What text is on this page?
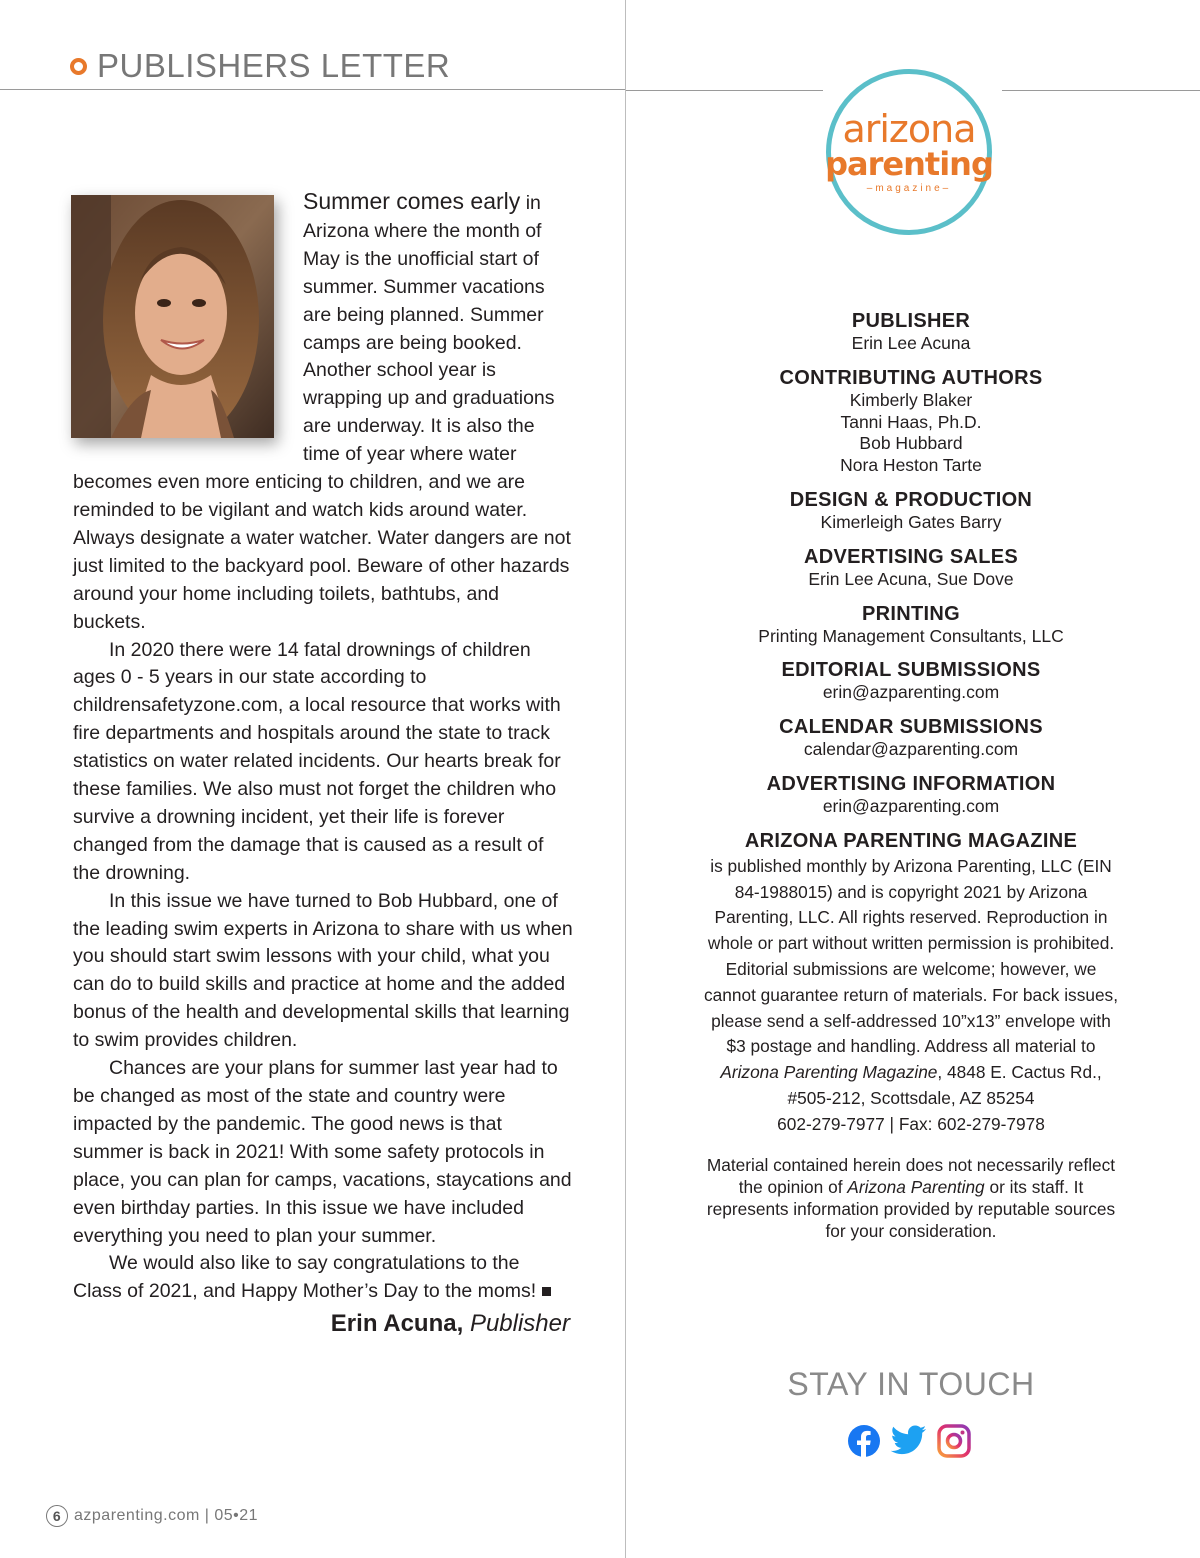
PUBLISHERS LETTER
arizona
parenting
–magazine–

Summer comes early in Arizona where the month of May is the unofficial start of summer. Summer vacations are being planned. Summer camps are being booked. Another school year is wrapping up and graduations are underway. It is also the time of year where water becomes even more enticing to children, and we are reminded to be vigilant and watch kids around water. Always designate a water watcher. Water dangers are not just limited to the backyard pool. Beware of other hazards around your home including toilets, bathtubs, and buckets.

In 2020 there were 14 fatal drownings of children ages 0 - 5 years in our state according to childrensafetyzone.com, a local resource that works with fire departments and hospitals around the state to track statistics on water related incidents. Our hearts break for these families. We also must not forget the children who survive a drowning incident, yet their life is forever changed from the damage that is caused as a result of the drowning.

In this issue we have turned to Bob Hubbard, one of the leading swim experts in Arizona to share with us when you should start swim lessons with your child, what you can do to build skills and practice at home and the added bonus of the health and developmental skills that learning to swim provides children.

Chances are your plans for summer last year had to be changed as most of the state and country were impacted by the pandemic. The good news is that summer is back in 2021! With some safety protocols in place, you can plan for camps, vacations, staycations and even birthday parties. In this issue we have included everything you need to plan your summer.

We would also like to say congratulations to the Class of 2021, and Happy Mother’s Day to the moms!

Erin Acuna, Publisher
PUBLISHER
Erin Lee Acuna
CONTRIBUTING AUTHORS
Kimberly Blaker
Tanni Haas, Ph.D.
Bob Hubbard
Nora Heston Tarte
DESIGN & PRODUCTION
Kimerleigh Gates Barry
ADVERTISING SALES
Erin Lee Acuna, Sue Dove
PRINTING
Printing Management Consultants, LLC
EDITORIAL SUBMISSIONS
erin@azparenting.com
CALENDAR SUBMISSIONS
calendar@azparenting.com
ADVERTISING INFORMATION
erin@azparenting.com
ARIZONA PARENTING MAGAZINE
is published monthly by Arizona Parenting, LLC (EIN 84-1988015) and is copyright 2021 by Arizona Parenting, LLC. All rights reserved. Reproduction in whole or part without written permission is prohibited. Editorial submissions are welcome; however, we cannot guarantee return of materials. For back issues, please send a self-addressed 10”x13” envelope with $3 postage and handling. Address all material to Arizona Parenting Magazine, 4848 E. Cactus Rd., #505-212, Scottsdale, AZ 85254
602-279-7977 | Fax: 602-279-7978
Material contained herein does not necessarily reflect the opinion of Arizona Parenting or its staff. It represents information provided by reputable sources for your consideration.
STAY IN TOUCH
6 azparenting.com | 05•21
